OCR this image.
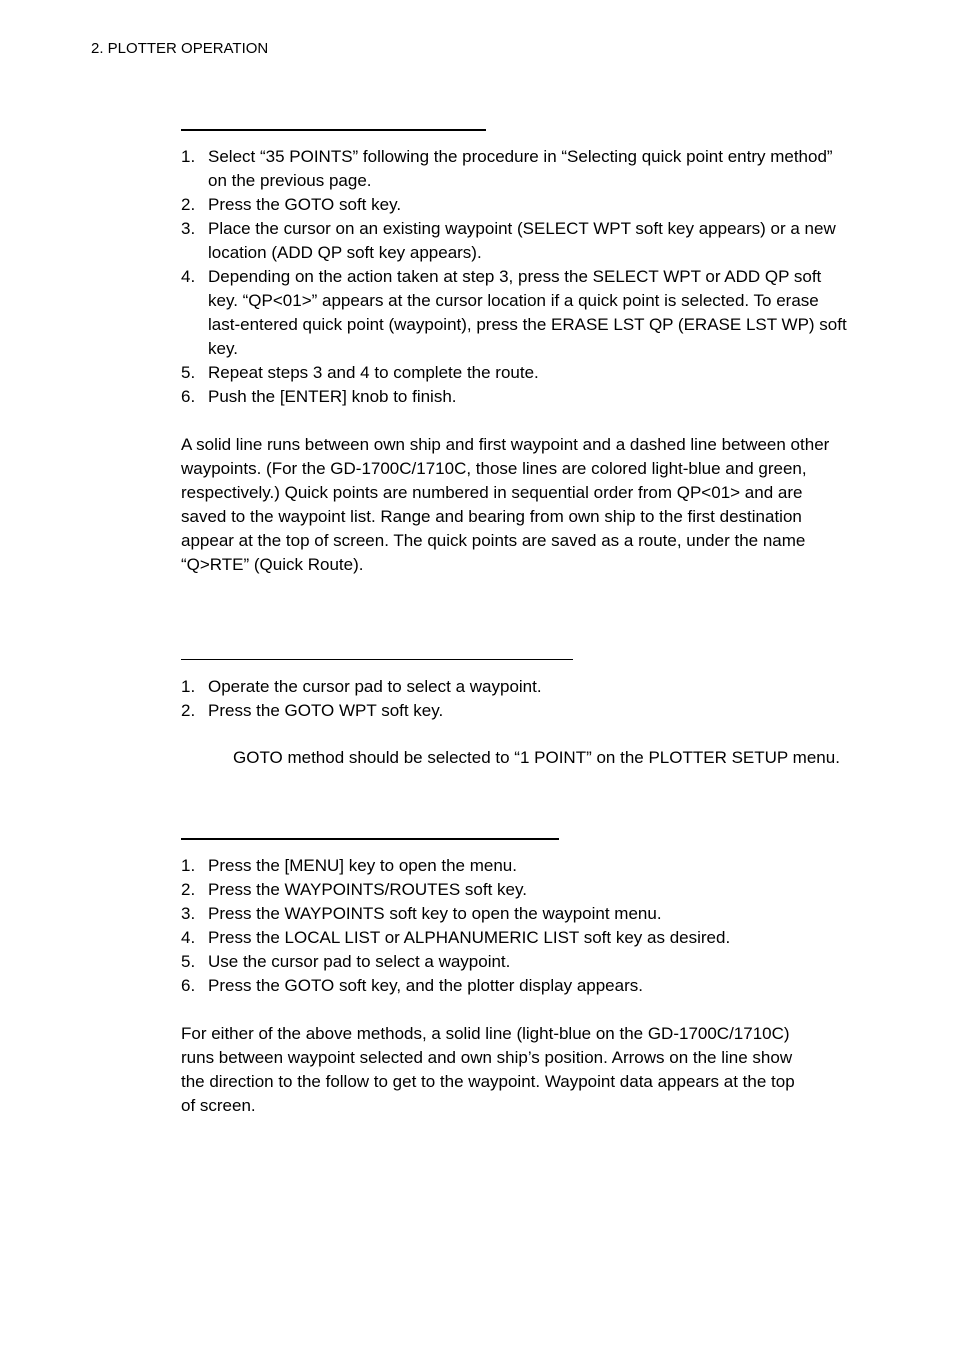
2. PLOTTER OPERATION
1. Select “35 POINTS” following the procedure in “Selecting quick point entry method” on the previous page.
2. Press the GOTO soft key.
3. Place the cursor on an existing waypoint (SELECT WPT soft key appears) or a new location (ADD QP soft key appears).
4. Depending on the action taken at step 3, press the SELECT WPT or ADD QP soft key. “QP<01>” appears at the cursor location if a quick point is selected. To erase last-entered quick point (waypoint), press the ERASE LST QP (ERASE LST WP) soft key.
5. Repeat steps 3 and 4 to complete the route.
6. Push the [ENTER] knob to finish.

A solid line runs between own ship and first waypoint and a dashed line between other waypoints. (For the GD-1700C/1710C, those lines are colored light-blue and green, respectively.) Quick points are numbered in sequential order from QP<01> and are saved to the waypoint list. Range and bearing from own ship to the first destination appear at the top of screen. The quick points are saved as a route, under the name “Q>RTE” (Quick Route).

1. Operate the cursor pad to select a waypoint.
2. Press the GOTO WPT soft key.

GOTO method should be selected to “1 POINT” on the PLOTTER SETUP menu.

1. Press the [MENU] key to open the menu.
2. Press the WAYPOINTS/ROUTES soft key.
3. Press the WAYPOINTS soft key to open the waypoint menu.
4. Press the LOCAL LIST or ALPHANUMERIC LIST soft key as desired.
5. Use the cursor pad to select a waypoint.
6. Press the GOTO soft key, and the plotter display appears.

For either of the above methods, a solid line (light-blue on the GD-1700C/1710C) runs between waypoint selected and own ship’s position. Arrows on the line show the direction to the follow to get to the waypoint. Waypoint data appears at the top of screen.
